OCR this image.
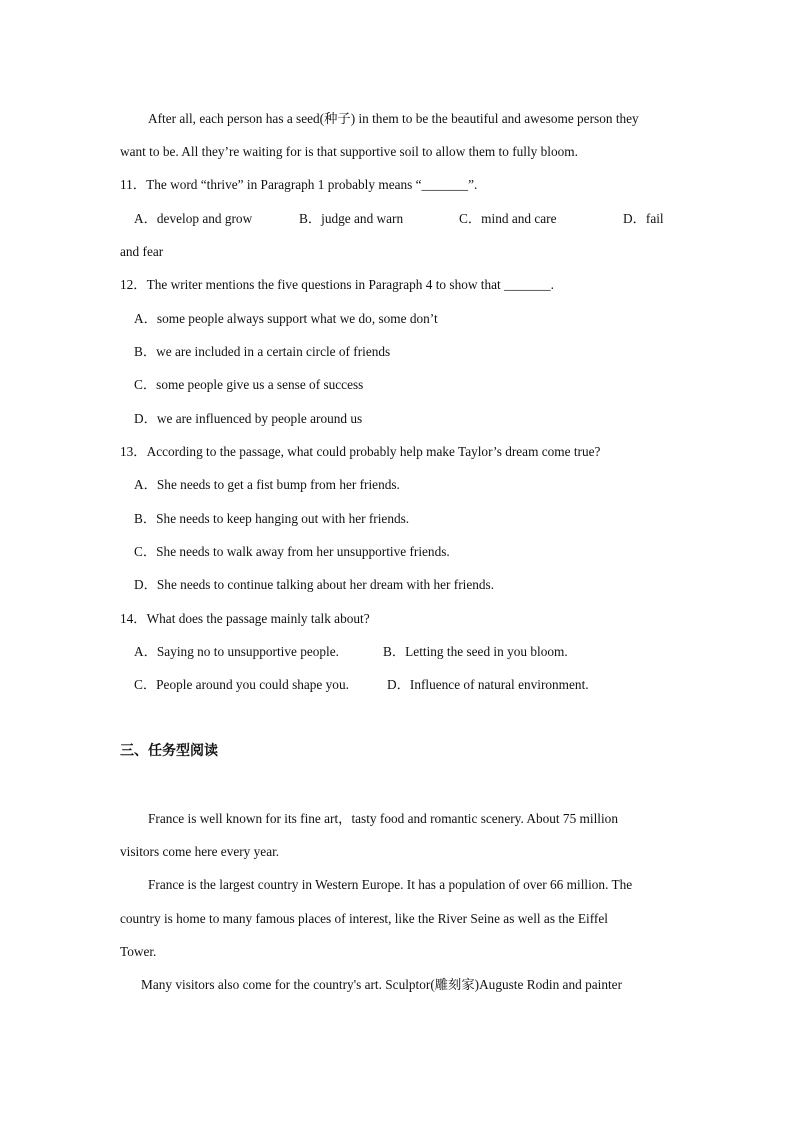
After all, each person has a seed(种子) in them to be the beautiful and awesome person they
want to be. All they’re waiting for is that supportive soil to allow them to fully bloom.
11．The word “thrive” in Paragraph 1 probably means “_______”.
A．develop and grow	B．judge and warn	C．mind and care	D．fail
and fear
12．The writer mentions the five questions in Paragraph 4 to show that _______.
A．some people always support what we do, some don’t
B．we are included in a certain circle of friends
C．some people give us a sense of success
D．we are influenced by people around us
13．According to the passage, what could probably help make Taylor’s dream come true?
A．She needs to get a fist bump from her friends.
B．She needs to keep hanging out with her friends.
C．She needs to walk away from her unsupportive friends.
D．She needs to continue talking about her dream with her friends.
14．What does the passage mainly talk about?
A．Saying no to unsupportive people.	B．Letting the seed in you bloom.
C．People around you could shape you.	D．Influence of natural environment.
三、任务型阅读
France is well known for its fine art，tasty food and romantic scenery. About 75 million
visitors come here every year.
France is the largest country in Western Europe. It has a population of over 66 million. The
country is home to many famous places of interest, like the River Seine as well as the Eiffel
Tower.
Many visitors also come for the country's art. Sculptor(雕刻家)Auguste Rodin and painter
